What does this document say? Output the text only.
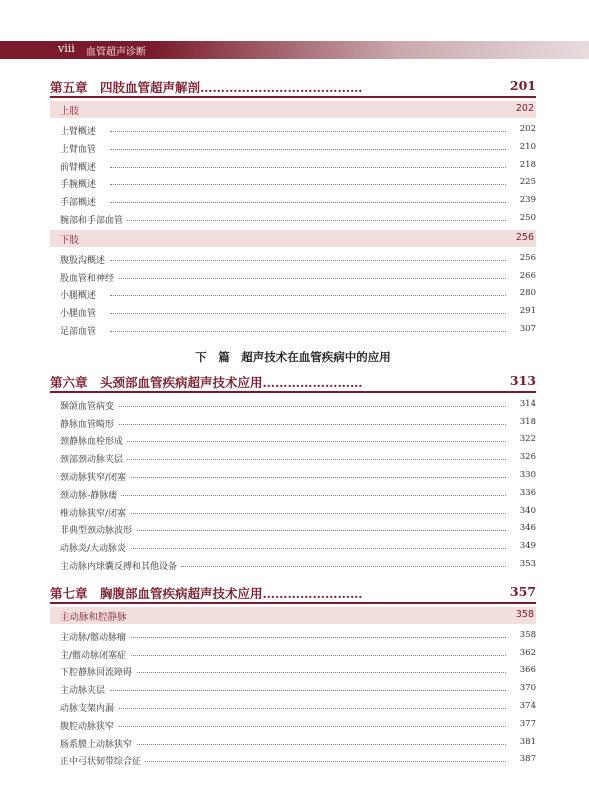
viii 血管超声诊断
第五章　四肢血管超声解剖…………………………………	201
上肢	202
上臂概述	202
上臂血管	210
前臂概述	218
手腕概述	225
手部概述	239
腕部和手部血管	250
下肢	256
腹股沟概述	256
股血管和神经	266
小腿概述	280
小腿血管	291
足部血管	307
下　篇　超声技术在血管疾病中的应用
第六章　头颈部血管疾病超声技术应用……………………	313
颞颌血管病变	314
静脉血管畸形	318
颈静脉血栓形成	322
颈部颈动脉夹层	326
颈动脉狭窄/闭塞	330
颈动脉-静脉瘘	336
椎动脉狭窄/闭塞	340
非典型颈动脉波形	346
动脉炎/大动脉炎	349
主动脉内球囊反搏和其他设备	353
第七章　胸腹部血管疾病超声技术应用……………………	357
主动脉和腔静脉	358
主动脉/髂动脉瘤	358
主/髂动脉闭塞症	362
下腔静脉回流障碍	366
主动脉夹层	370
动脉支架内漏	374
腹腔动脉狭窄	377
肠系膜上动脉狭窄	381
正中弓状韧带综合征	387
